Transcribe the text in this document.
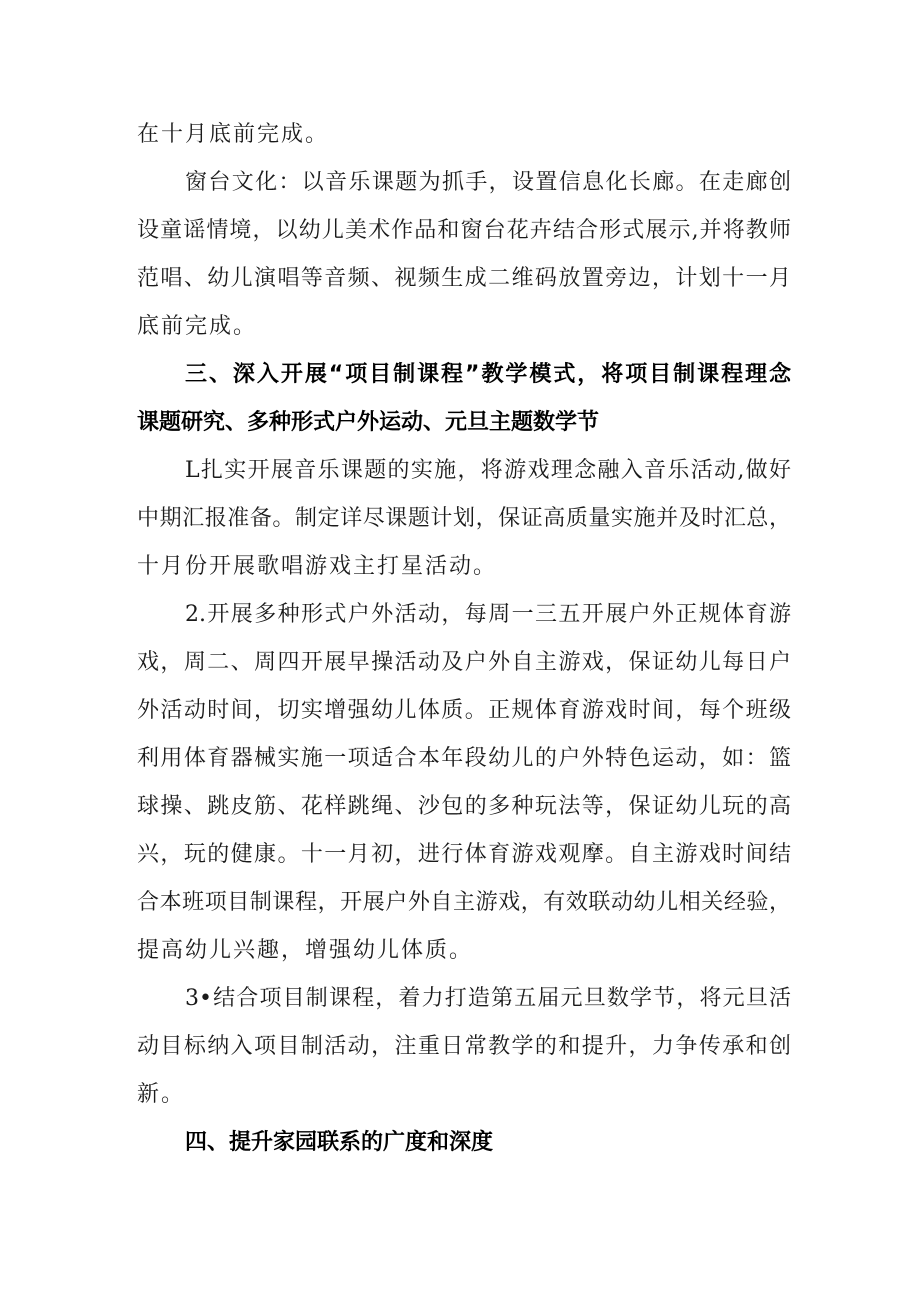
在十月底前完成。
窗台文化：以音乐课题为抓手，设置信息化长廊。在走廊创
设童谣情境，以幼儿美术作品和窗台花卉结合形式展示,并将教师
范唱、幼儿演唱等音频、视频生成二维码放置旁边，计划十一月
底前完成。
三、深入开展“项目制课程”教学模式，将项目制课程理念
课题研究、多种形式户外运动、元旦主题数学节
L扎实开展音乐课题的实施，将游戏理念融入音乐活动,做好
中期汇报准备。制定详尽课题计划，保证高质量实施并及时汇总，
十月份开展歌唱游戏主打星活动。
2.开展多种形式户外活动，每周一三五开展户外正规体育游
戏，周二、周四开展早操活动及户外自主游戏，保证幼儿每日户
外活动时间，切实增强幼儿体质。正规体育游戏时间，每个班级
利用体育器械实施一项适合本年段幼儿的户外特色运动，如：篮
球操、跳皮筋、花样跳绳、沙包的多种玩法等，保证幼儿玩的高
兴，玩的健康。十一月初，进行体育游戏观摩。自主游戏时间结
合本班项目制课程，开展户外自主游戏，有效联动幼儿相关经验，
提高幼儿兴趣，增强幼儿体质。
3•结合项目制课程，着力打造第五届元旦数学节，将元旦活
动目标纳入项目制活动，注重日常教学的和提升，力争传承和创
新。
四、提升家园联系的广度和深度
